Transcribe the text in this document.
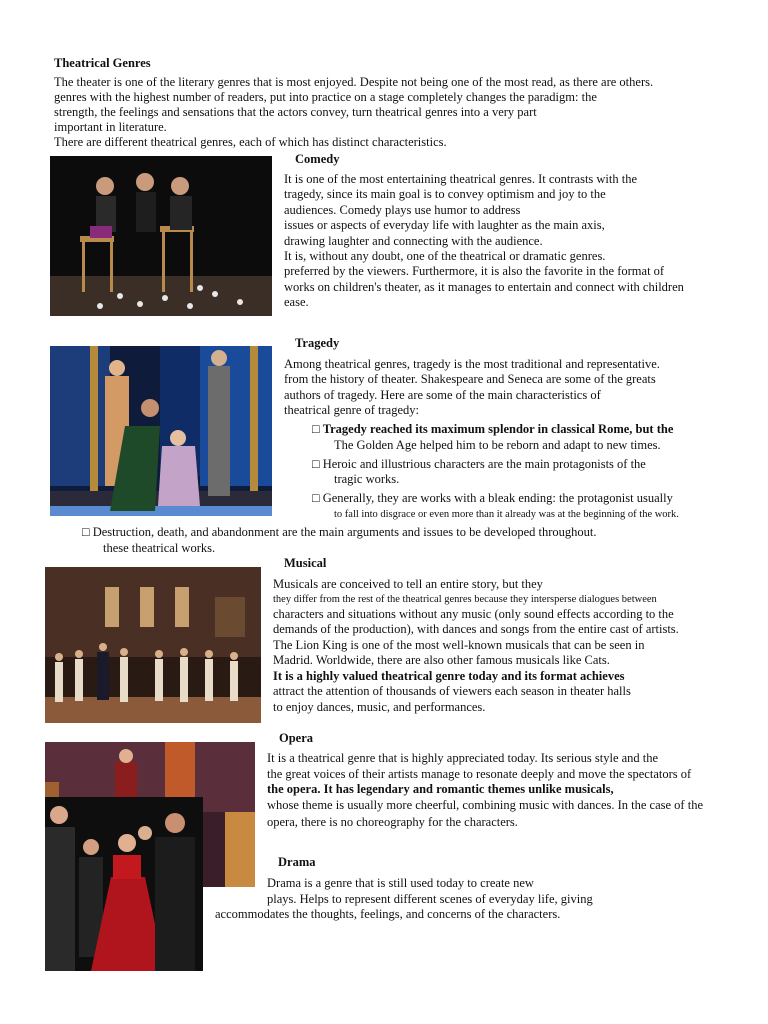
Theatrical Genres
The theater is one of the literary genres that is most enjoyed. Despite not being one of the most read, as there are others.
genres with the highest number of readers, put into practice on a stage completely changes the paradigm: the
strength, the feelings and sensations that the actors convey, turn theatrical genres into a very part
important in literature.
There are different theatrical genres, each of which has distinct characteristics.
Comedy
It is one of the most entertaining theatrical genres. It contrasts with the
tragedy, since its main goal is to convey optimism and joy to the
audiences. Comedy plays use humor to address
issues or aspects of everyday life with laughter as the main axis,
drawing laughter and connecting with the audience.
It is, without any doubt, one of the theatrical or dramatic genres.
preferred by the viewers. Furthermore, it is also the favorite in the format of
works on children's theater, as it manages to entertain and connect with children
ease.
Tragedy
Among theatrical genres, tragedy is the most traditional and representative.
from the history of theater. Shakespeare and Seneca are some of the greats
authors of tragedy. Here are some of the main characteristics of
theatrical genre of tragedy:
□ Tragedy reached its maximum splendor in classical Rome, but the
The Golden Age helped him to be reborn and adapt to new times.
□ Heroic and illustrious characters are the main protagonists of the
tragic works.
□ Generally, they are works with a bleak ending: the protagonist usually
to fall into disgrace or even more than it already was at the beginning of the work.
□ Destruction, death, and abandonment are the main arguments and issues to be developed throughout.
these theatrical works.
Musical
Musicals are conceived to tell an entire story, but they
they differ from the rest of the theatrical genres because they intersperse dialogues between
characters and situations without any music (only sound effects according to the
demands of the production), with dances and songs from the entire cast of artists.
The Lion King is one of the most well-known musicals that can be seen in
Madrid. Worldwide, there are also other famous musicals like Cats.
It is a highly valued theatrical genre today and its format achieves
attract the attention of thousands of viewers each season in theater halls
to enjoy dances, music, and performances.
Opera
It is a theatrical genre that is highly appreciated today. Its serious style and the
the great voices of their artists manage to resonate deeply and move the spectators of
the opera. It has legendary and romantic themes unlike musicals,
whose theme is usually more cheerful, combining music with dances. In the case of the
opera, there is no choreography for the characters.
Drama
Drama is a genre that is still used today to create new
plays. Helps to represent different scenes of everyday life, giving
accommodates the thoughts, feelings, and concerns of the characters.
